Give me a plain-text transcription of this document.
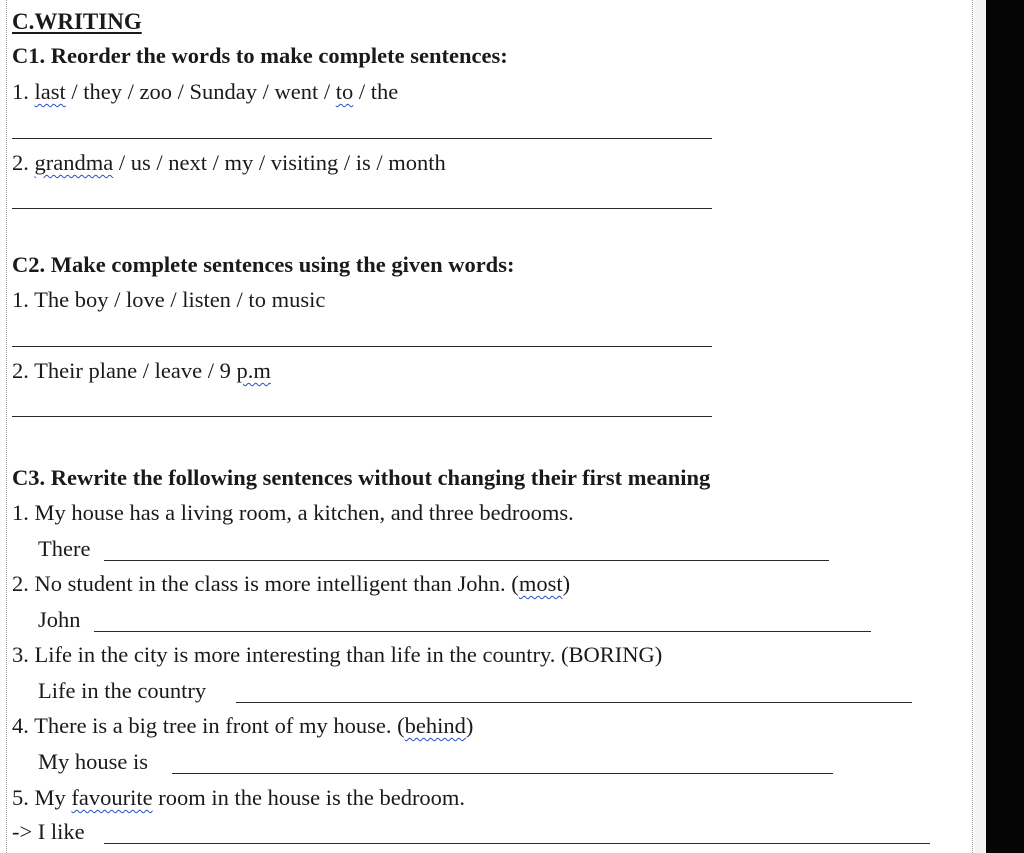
C.WRITING
C1. Reorder the words to make complete sentences:
1. last / they / zoo / Sunday / went / to / the
2. grandma / us / next / my / visiting / is / month
C2. Make complete sentences using the given words:
1. The boy / love / listen / to music
2. Their plane / leave / 9 p.m
C3. Rewrite the following sentences without changing their first meaning
1. My house has a living room, a kitchen, and three bedrooms.
There
2. No student in the class is more intelligent than John. (most)
John
3. Life in the city is more interesting than life in the country. (BORING)
Life in the country
4. There is a big tree in front of my house. (behind)
My house is
5. My favourite room in the house is the bedroom.
-> I like
